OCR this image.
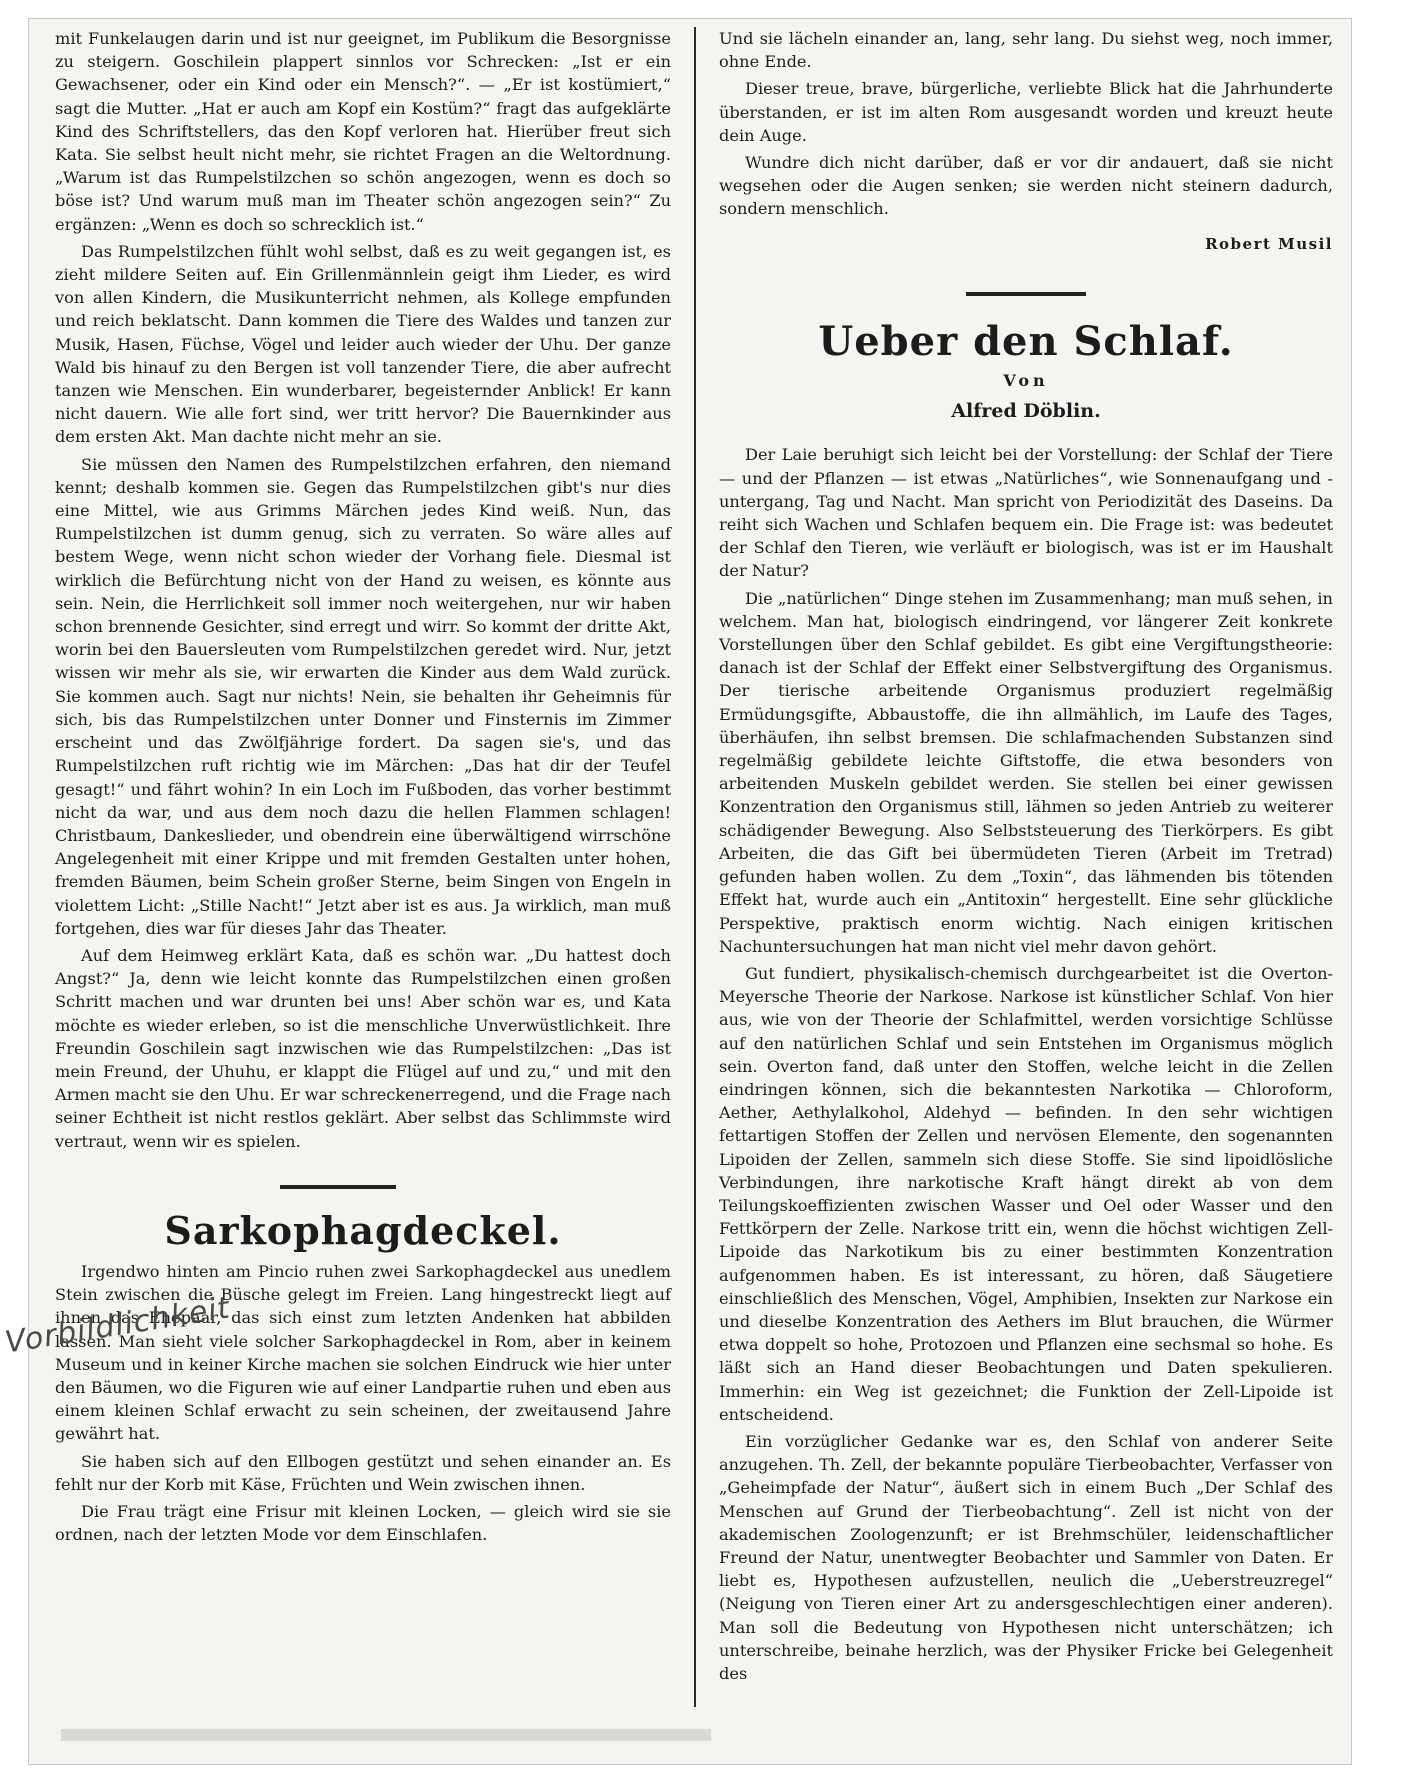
mit Funkelaugen darin und ist nur geeignet, im Publikum die Besorgnisse zu steigern. Goschilein plappert sinnlos vor Schrecken: „Ist er ein Gewachsener, oder ein Kind oder ein Mensch?“. — „Er ist kostümiert,“ sagt die Mutter. „Hat er auch am Kopf ein Kostüm?“ fragt das aufgeklärte Kind des Schriftstellers, das den Kopf verloren hat. Hierüber freut sich Kata. Sie selbst heult nicht mehr, sie richtet Fragen an die Weltordnung. „Warum ist das Rumpelstilzchen so schön angezogen, wenn es doch so böse ist? Und warum muß man im Theater schön angezogen sein?“ Zu ergänzen: „Wenn es doch so schrecklich ist.“

Das Rumpelstilzchen fühlt wohl selbst, daß es zu weit gegangen ist, es zieht mildere Seiten auf. Ein Grillenmännlein geigt ihm Lieder, es wird von allen Kindern, die Musikunterricht nehmen, als Kollege empfunden und reich beklatscht. Dann kommen die Tiere des Waldes und tanzen zur Musik, Hasen, Füchse, Vögel und leider auch wieder der Uhu. Der ganze Wald bis hinauf zu den Bergen ist voll tanzender Tiere, die aber aufrecht tanzen wie Menschen. Ein wunderbarer, begeisternder Anblick! Er kann nicht dauern. Wie alle fort sind, wer tritt hervor? Die Bauernkinder aus dem ersten Akt. Man dachte nicht mehr an sie.

Sie müssen den Namen des Rumpelstilzchen erfahren, den niemand kennt; deshalb kommen sie. Gegen das Rumpelstilzchen gibt's nur dies eine Mittel, wie aus Grimms Märchen jedes Kind weiß. Nun, das Rumpelstilzchen ist dumm genug, sich zu verraten. So wäre alles auf bestem Wege, wenn nicht schon wieder der Vorhang fiele. Diesmal ist wirklich die Befürchtung nicht von der Hand zu weisen, es könnte aus sein. Nein, die Herrlichkeit soll immer noch weitergehen, nur wir haben schon brennende Gesichter, sind erregt und wirr. So kommt der dritte Akt, worin bei den Bauersleuten vom Rumpelstilzchen geredet wird. Nur, jetzt wissen wir mehr als sie, wir erwarten die Kinder aus dem Wald zurück. Sie kommen auch. Sagt nur nichts! Nein, sie behalten ihr Geheimnis für sich, bis das Rumpelstilzchen unter Donner und Finsternis im Zimmer erscheint und das Zwölfjährige fordert. Da sagen sie's, und das Rumpelstilzchen ruft richtig wie im Märchen: „Das hat dir der Teufel gesagt!“ und fährt wohin? In ein Loch im Fußboden, das vorher bestimmt nicht da war, und aus dem noch dazu die hellen Flammen schlagen! Christbaum, Dankeslieder, und obendrein eine überwältigend wirrschöne Angelegenheit mit einer Krippe und mit fremden Gestalten unter hohen, fremden Bäumen, beim Schein großer Sterne, beim Singen von Engeln in violettem Licht: „Stille Nacht!“ Jetzt aber ist es aus. Ja wirklich, man muß fortgehen, dies war für dieses Jahr das Theater.

Auf dem Heimweg erklärt Kata, daß es schön war. „Du hattest doch Angst?“ Ja, denn wie leicht konnte das Rumpelstilzchen einen großen Schritt machen und war drunten bei uns! Aber schön war es, und Kata möchte es wieder erleben, so ist die menschliche Unverwüstlichkeit. Ihre Freundin Goschilein sagt inzwischen wie das Rumpelstilzchen: „Das ist mein Freund, der Uhuhu, er klappt die Flügel auf und zu,“ und mit den Armen macht sie den Uhu. Er war schreckenerregend, und die Frage nach seiner Echtheit ist nicht restlos geklärt. Aber selbst das Schlimmste wird vertraut, wenn wir es spielen.

Sarkophagdeckel.

Irgendwo hinten am Pincio ruhen zwei Sarkophagdeckel aus unedlem Stein zwischen die Büsche gelegt im Freien. Lang hingestreckt liegt auf ihnen das Ehepaar, das sich einst zum letzten Andenken hat abbilden lassen. Man sieht viele solcher Sarkophagdeckel in Rom, aber in keinem Museum und in keiner Kirche machen sie solchen Eindruck wie hier unter den Bäumen, wo die Figuren wie auf einer Landpartie ruhen und eben aus einem kleinen Schlaf erwacht zu sein scheinen, der zweitausend Jahre gewährt hat.

Sie haben sich auf den Ellbogen gestützt und sehen einander an. Es fehlt nur der Korb mit Käse, Früchten und Wein zwischen ihnen.

Die Frau trägt eine Frisur mit kleinen Locken, — gleich wird sie sie ordnen, nach der letzten Mode vor dem Einschlafen.

Und sie lächeln einander an, lang, sehr lang. Du siehst weg, noch immer, ohne Ende.

Dieser treue, brave, bürgerliche, verliebte Blick hat die Jahrhunderte überstanden, er ist im alten Rom ausgesandt worden und kreuzt heute dein Auge.

Wundre dich nicht darüber, daß er vor dir andauert, daß sie nicht wegsehen oder die Augen senken; sie werden nicht steinern dadurch, sondern menschlich.

Robert Musil
Ueber den Schlaf.
Von
Alfred Döblin.

Der Laie beruhigt sich leicht bei der Vorstellung: der Schlaf der Tiere — und der Pflanzen — ist etwas „Natürliches“, wie Sonnenaufgang und -untergang, Tag und Nacht. Man spricht von Periodizität des Daseins. Da reiht sich Wachen und Schlafen bequem ein. Die Frage ist: was bedeutet der Schlaf den Tieren, wie verläuft er biologisch, was ist er im Haushalt der Natur?

Die „natürlichen“ Dinge stehen im Zusammenhang; man muß sehen, in welchem. Man hat, biologisch eindringend, vor längerer Zeit konkrete Vorstellungen über den Schlaf gebildet. Es gibt eine Vergiftungstheorie: danach ist der Schlaf der Effekt einer Selbstvergiftung des Organismus. Der tierische arbeitende Organismus produziert regelmäßig Ermüdungsgifte, Abbaustoffe, die ihn allmählich, im Laufe des Tages, überhäufen, ihn selbst bremsen. Die schlafmachenden Substanzen sind regelmäßig gebildete leichte Giftstoffe, die etwa besonders von arbeitenden Muskeln gebildet werden. Sie stellen bei einer gewissen Konzentration den Organismus still, lähmen so jeden Antrieb zu weiterer schädigender Bewegung. Also Selbststeuerung des Tierkörpers. Es gibt Arbeiten, die das Gift bei übermüdeten Tieren (Arbeit im Tretrad) gefunden haben wollen. Zu dem „Toxin“, das lähmenden bis tötenden Effekt hat, wurde auch ein „Antitoxin“ hergestellt. Eine sehr glückliche Perspektive, praktisch enorm wichtig. Nach einigen kritischen Nachuntersuchungen hat man nicht viel mehr davon gehört.

Gut fundiert, physikalisch-chemisch durchgearbeitet ist die Overton-Meyersche Theorie der Narkose. Narkose ist künstlicher Schlaf. Von hier aus, wie von der Theorie der Schlafmittel, werden vorsichtige Schlüsse auf den natürlichen Schlaf und sein Entstehen im Organismus möglich sein. Overton fand, daß unter den Stoffen, welche leicht in die Zellen eindringen können, sich die bekanntesten Narkotika — Chloroform, Aether, Aethylalkohol, Aldehyd — befinden. In den sehr wichtigen fettartigen Stoffen der Zellen und nervösen Elemente, den sogenannten Lipoiden der Zellen, sammeln sich diese Stoffe. Sie sind lipoidlösliche Verbindungen, ihre narkotische Kraft hängt direkt ab von dem Teilungskoeffizienten zwischen Wasser und Oel oder Wasser und den Fettkörpern der Zelle. Narkose tritt ein, wenn die höchst wichtigen Zell-Lipoide das Narkotikum bis zu einer bestimmten Konzentration aufgenommen haben. Es ist interessant, zu hören, daß Säugetiere einschließlich des Menschen, Vögel, Amphibien, Insekten zur Narkose ein und dieselbe Konzentration des Aethers im Blut brauchen, die Würmer etwa doppelt so hohe, Protozoen und Pflanzen eine sechsmal so hohe. Es läßt sich an Hand dieser Beobachtungen und Daten spekulieren. Immerhin: ein Weg ist gezeichnet; die Funktion der Zell-Lipoide ist entscheidend.

Ein vorzüglicher Gedanke war es, den Schlaf von anderer Seite anzugehen. Th. Zell, der bekannte populäre Tierbeobachter, Verfasser von „Geheimpfade der Natur“, äußert sich in einem Buch „Der Schlaf des Menschen auf Grund der Tierbeobachtung“. Zell ist nicht von der akademischen Zoologenzunft; er ist Brehmschüler, leidenschaftlicher Freund der Natur, unentwegter Beobachter und Sammler von Daten. Er liebt es, Hypothesen aufzustellen, neulich die „Ueberstreuzregel“ (Neigung von Tieren einer Art zu andersgeschlechtigen einer anderen). Man soll die Bedeutung von Hypothesen nicht unterschätzen; ich unterschreibe, beinahe herzlich, was der Physiker Fricke bei Gelegenheit des

Vorbildlichkeit
